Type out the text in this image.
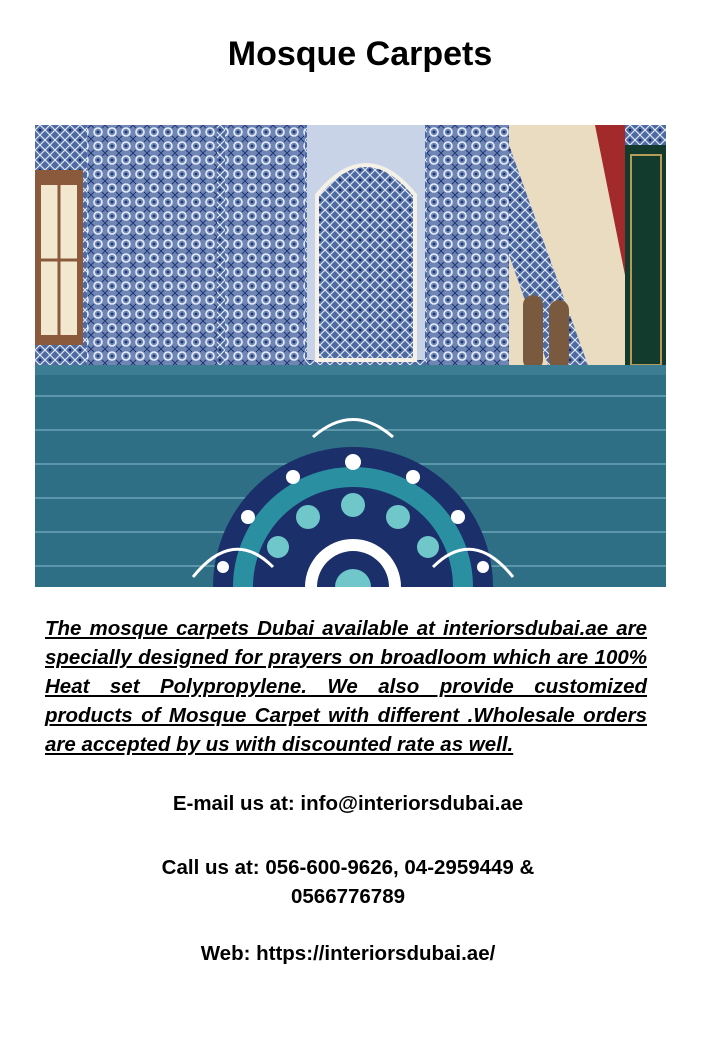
Mosque Carpets

The mosque carpets Dubai available at interiorsdubai.ae are specially designed for prayers on broadloom which are 100% Heat set Polypropylene. We also provide customized products of Mosque Carpet with different .Wholesale orders are accepted by us with discounted rate as well.

E-mail us at: info@interiorsdubai.ae

Call us at: 056-600-9626, 04-2959449 &
0566776789

Web: https://interiorsdubai.ae/
